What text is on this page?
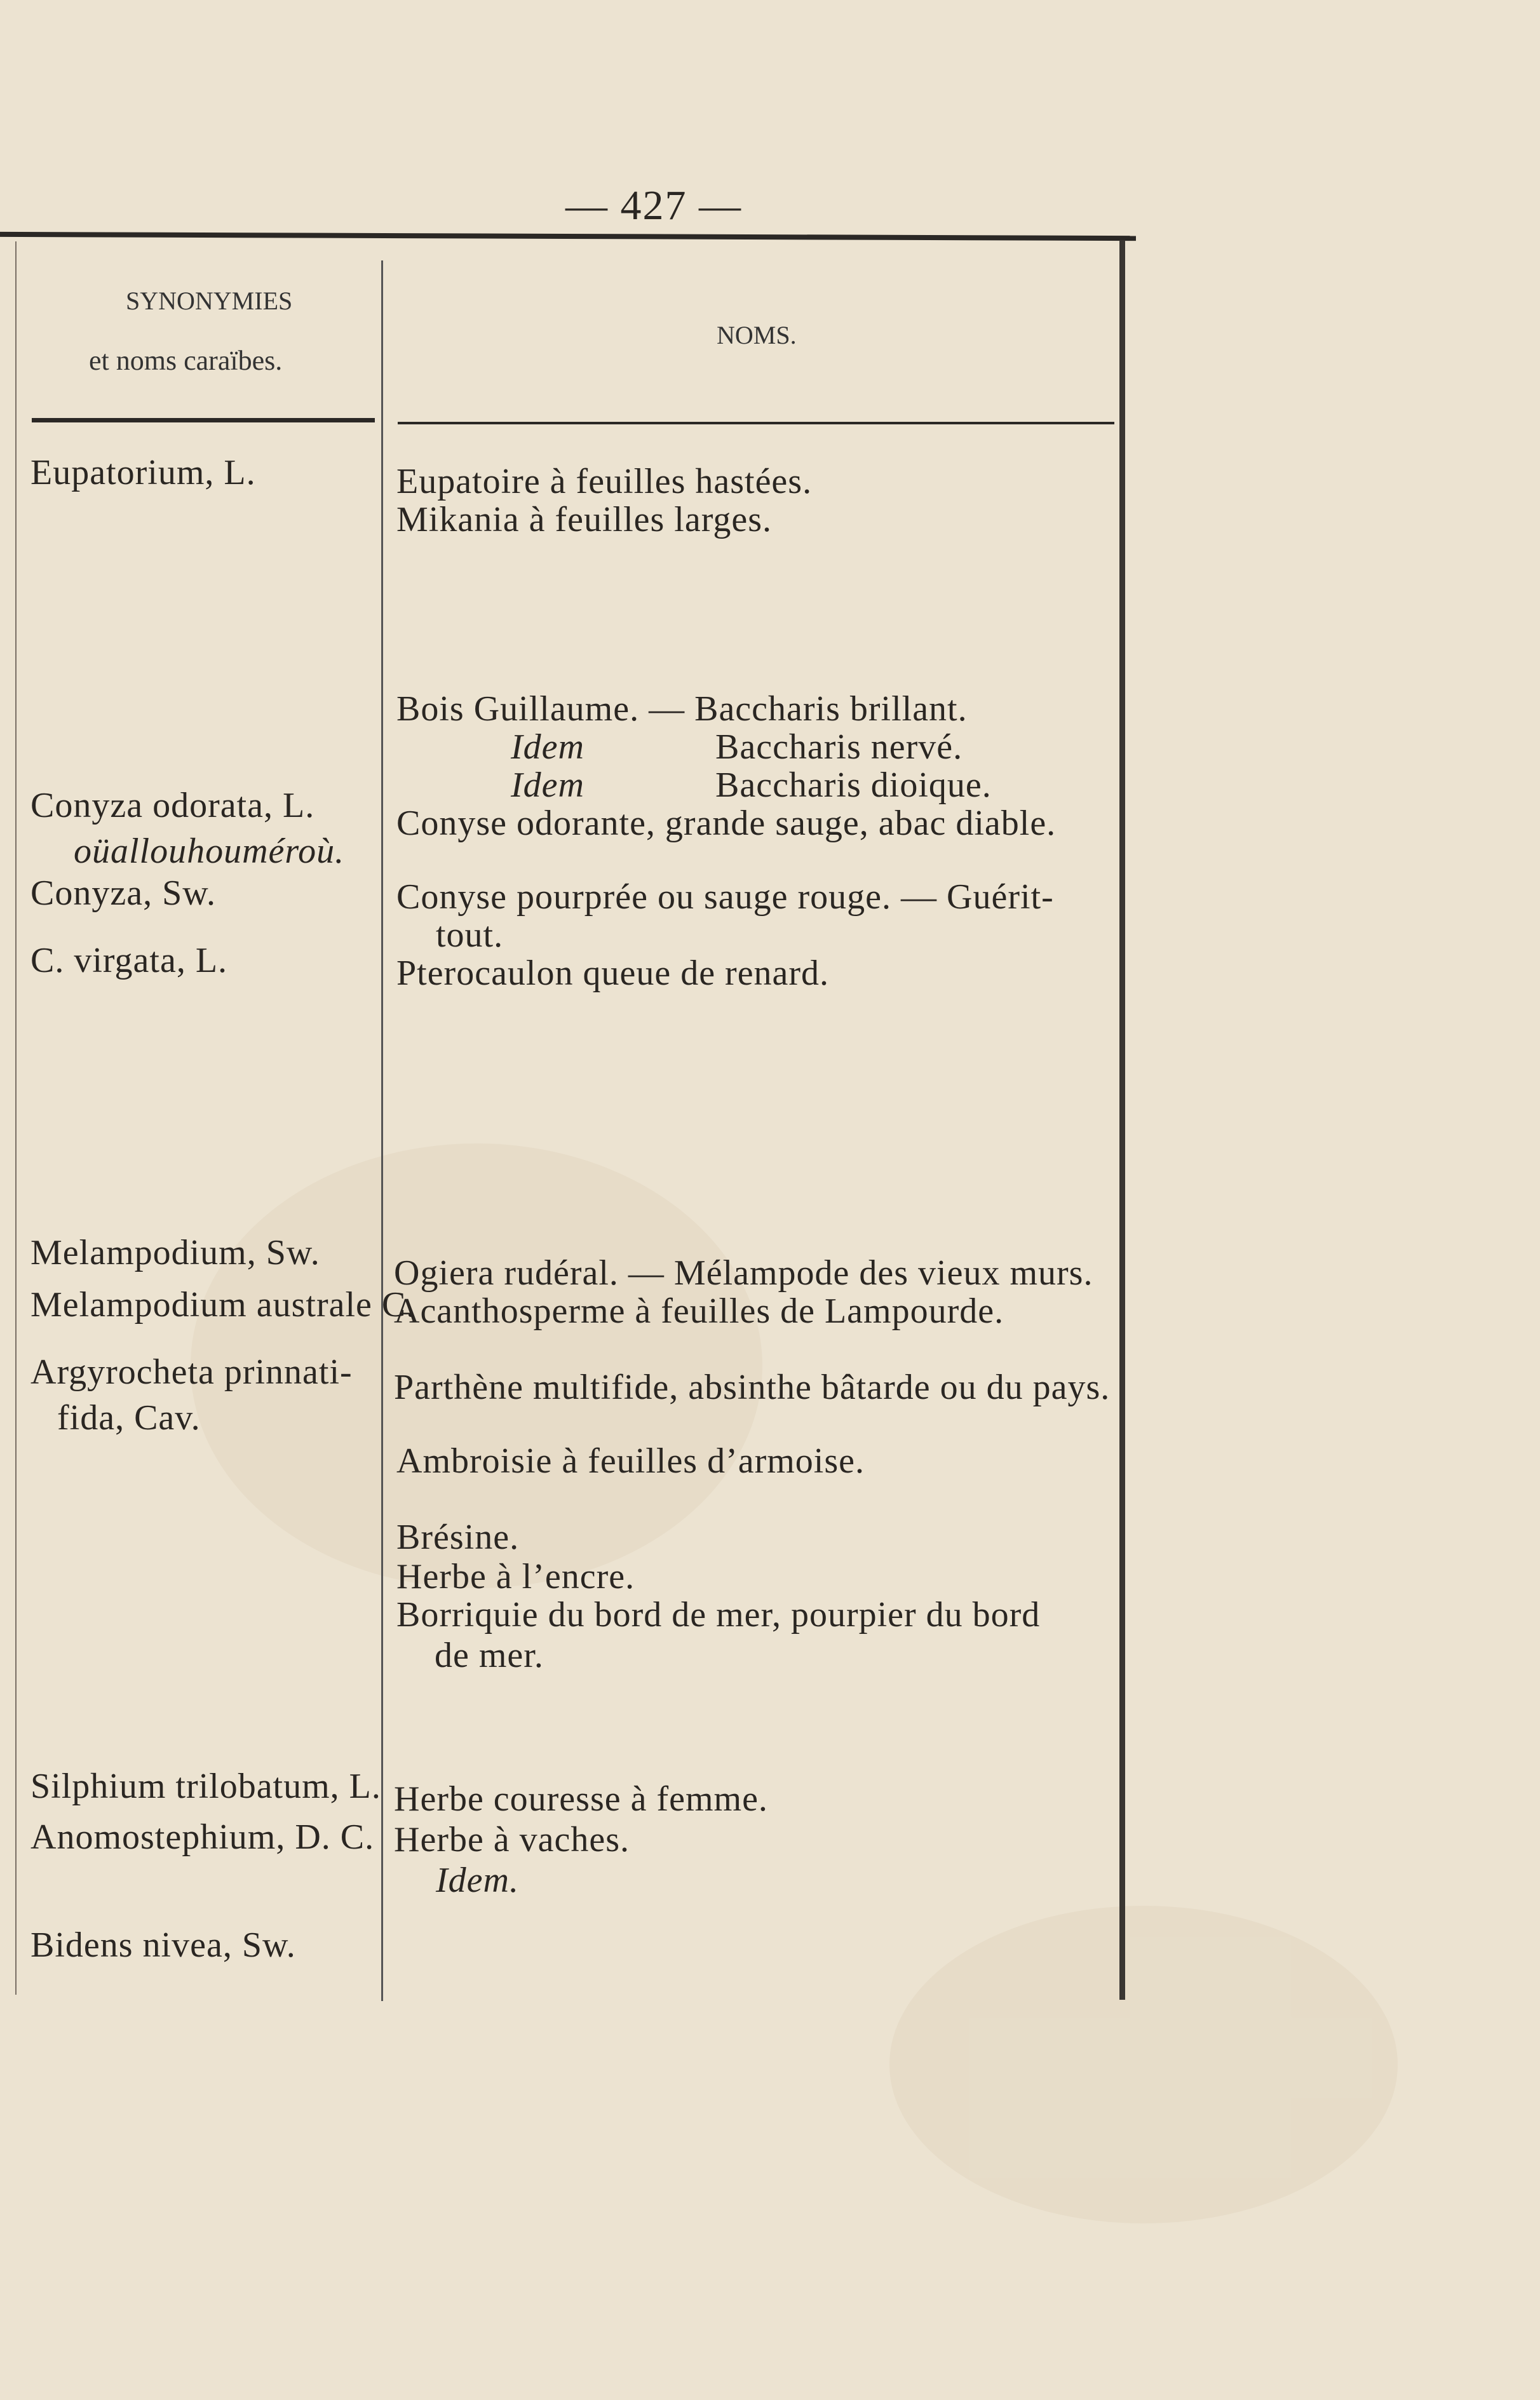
— 427 —
SYNONYMIES
et noms caraïbes.
NOMS.
Eupatorium, L.
Conyza odorata, L.
oüallouhouméroù.
Conyza, Sw.
C. virgata, L.
Melampodium, Sw.
Melampodium australe C.
Argyrocheta prinnati-
fida, Cav.
Silphium trilobatum, L.
Anomostephium, D. C.
Bidens nivea, Sw.
Eupatoire à feuilles hastées.
Mikania à feuilles larges.
Bois Guillaume. — Baccharis brillant.
Idem	Baccharis nervé.
Idem	Baccharis dioique.
Conyse odorante, grande sauge, abac diable.
Conyse pourprée ou sauge rouge. — Guérit-
tout.
Pterocaulon queue de renard.
Ogiera rudéral. — Mélampode des vieux murs.
Acanthosperme à feuilles de Lampourde.
Parthène multifide, absinthe bâtarde ou du pays.
Ambroisie à feuilles d’armoise.
Brésine.
Herbe à l’encre.
Borriquie du bord de mer, pourpier du bord
de mer.
Herbe couresse à femme.
Herbe à vaches.
Idem.
